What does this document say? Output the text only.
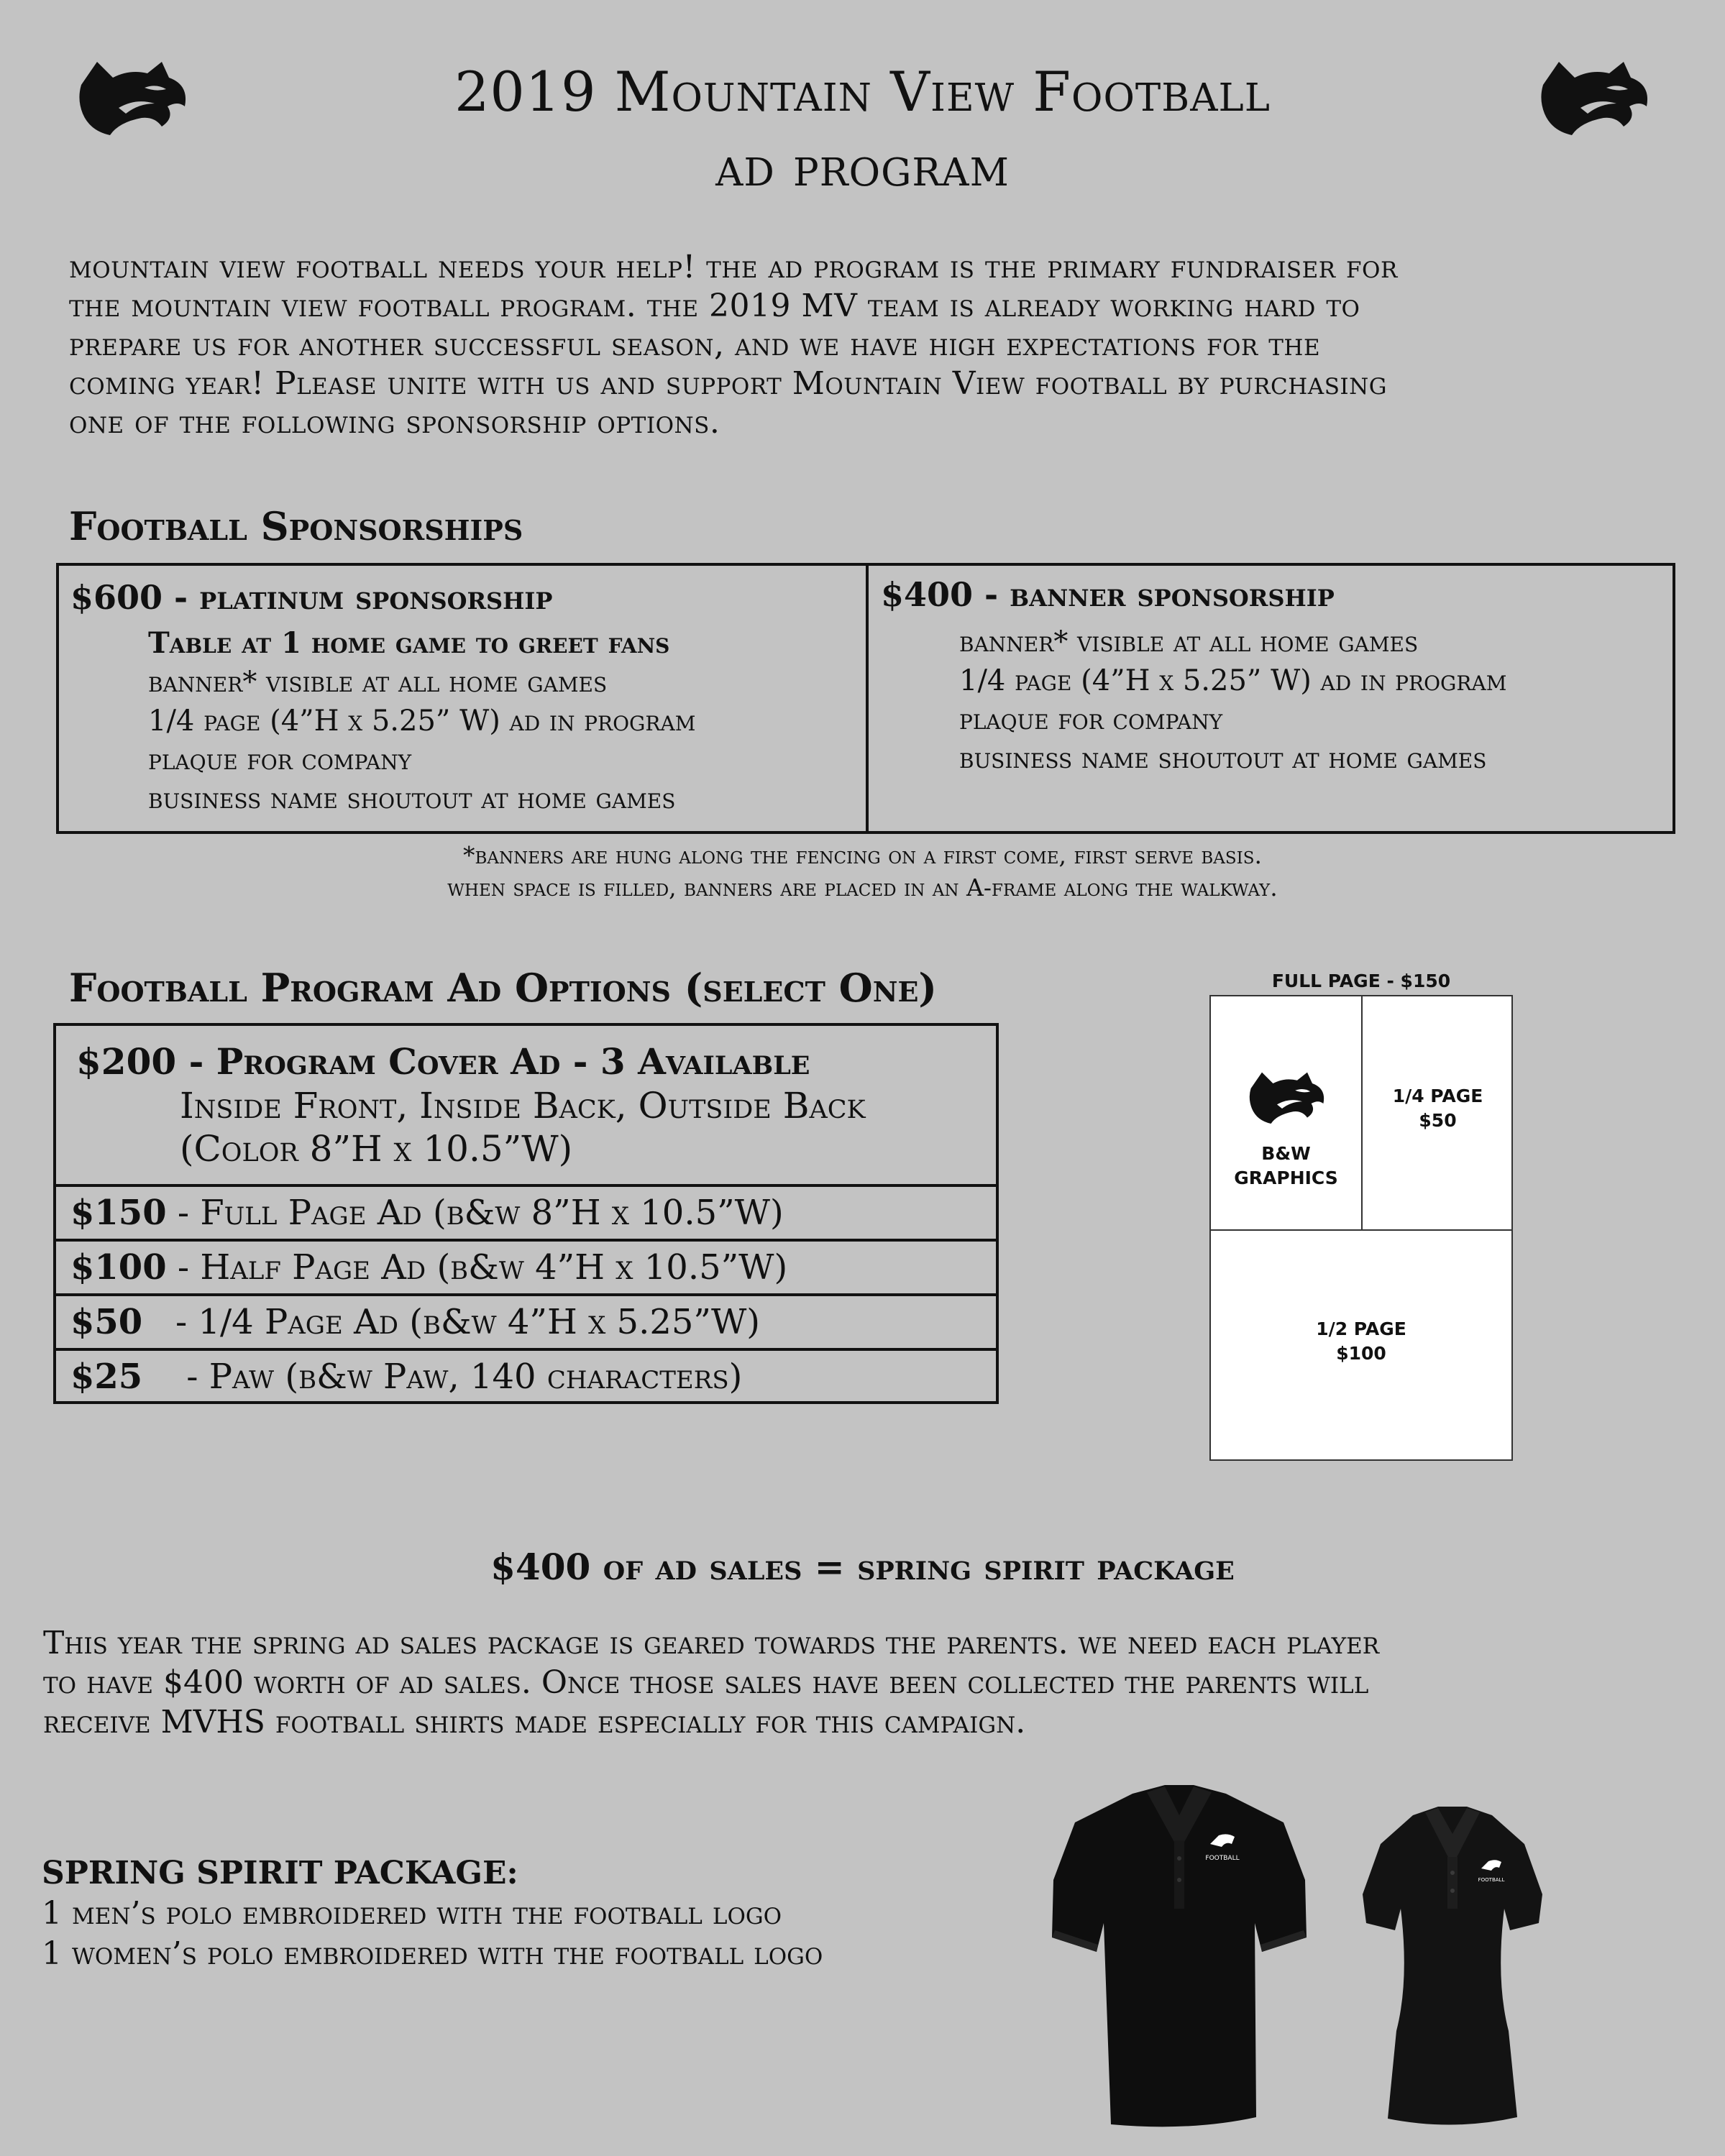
2019 Mountain View Football
ad program
mountain view football needs your help! the ad program is the primary fundraiser for
the mountain view football program. the 2019 MV team is already working hard to
prepare us for another successful season, and we have high expectations for the
coming year! Please unite with us and support Mountain View football by purchasing
one of the following sponsorship options.
Football Sponsorships
$600 - platinum sponsorship
Table at 1 home game to greet fans
banner* visible at all home games
1/4 page (4”H x 5.25” W) ad in program
plaque for company
business name shoutout at home games
$400 - banner sponsorship
banner* visible at all home games
1/4 page (4”H x 5.25” W) ad in program
plaque for company
business name shoutout at home games
*banners are hung along the fencing on a first come, first serve basis.
when space is filled, banners are placed in an A-frame along the walkway.
Football Program Ad Options (select One)
$200 - Program Cover Ad - 3 Available
Inside Front, Inside Back, Outside Back
(Color 8”H x 10.5”W)
$150 - Full Page Ad (b&w 8”H x 10.5”W)
$100 - Half Page Ad (b&w 4”H x 10.5”W)
$50   - 1/4 Page Ad (b&w 4”H x 5.25”W)
$25    - Paw (b&w Paw, 140 characters)
FULL PAGE - $150
B&W
GRAPHICS
1/4 PAGE
$50
1/2 PAGE
$100
$400 of ad sales = spring spirit package
This year the spring ad sales package is geared towards the parents. we need each player
to have $400 worth of ad sales. Once those sales have been collected the parents will
receive MVHS football shirts made especially for this campaign.
SPRING SPIRIT PACKAGE:
1 men’s polo embroidered with the football logo
1 women’s polo embroidered with the football logo
FOOTBALL
FOOTBALL
